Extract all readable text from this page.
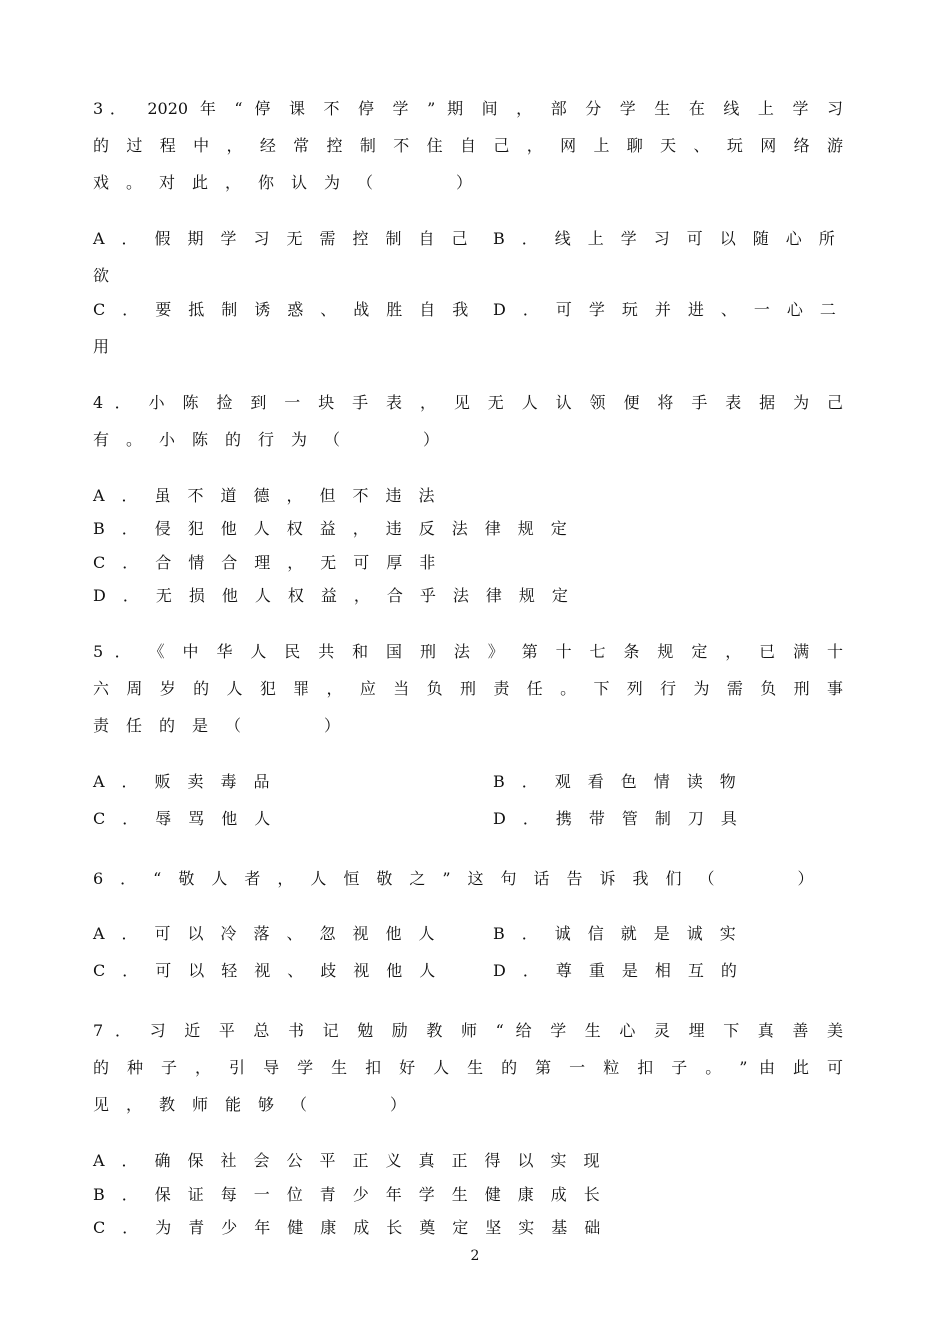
3．　2020 年 “ 停 课 不 停 学 ” 期 间 ， 部 分 学 生 在 线 上 学 习
的 过 程 中 ， 经 常 控 制 不 住 自 己 ， 网 上 聊 天 、 玩 网 络 游
戏。对此，你认为（　　）
A．假期学习无需控制自己 B．线上学习可以随心所
欲
C．要抵制诱惑、战胜自我 D．可学玩并进、一心二
用
4 ． 小 陈 捡 到 一 块 手 表 ， 见 无 人 认 领 便 将 手 表 据 为 己
有。小陈的行为（　　）
A．虽不道德，但不违法
B．侵犯他人权益，违反法律规定
C．合情合理，无可厚非
D．无损他人权益，合乎法律规定
5 ． 《 中 华 人 民 共 和 国 刑 法 》 第 十 七 条 规 定 ， 已 满 十
六 周 岁 的 人 犯 罪 ， 应 当 负 刑 责 任 。 下 列 行 为 需 负 刑 事
责任的是（　　）
A．贩卖毒品	B．观看色情读物
C．辱骂他人	D．携带管制刀具
6．“敬人者，人恒敬之”这句话告诉我们（　　）
A．可以冷落、忽视他人	B．诚信就是诚实
C．可以轻视、歧视他人	D．尊重是相互的
7 ． 习 近 平 总 书 记 勉 励 教 师 “ 给 学 生 心 灵 埋 下 真 善 美
的 种 子 ， 引 导 学 生 扣 好 人 生 的 第 一 粒 扣 子 。 ” 由 此 可
见，教师能够（　　）
A．确保社会公平正义真正得以实现
B．保证每一位青少年学生健康成长
C．为青少年健康成长奠定坚实基础
2
